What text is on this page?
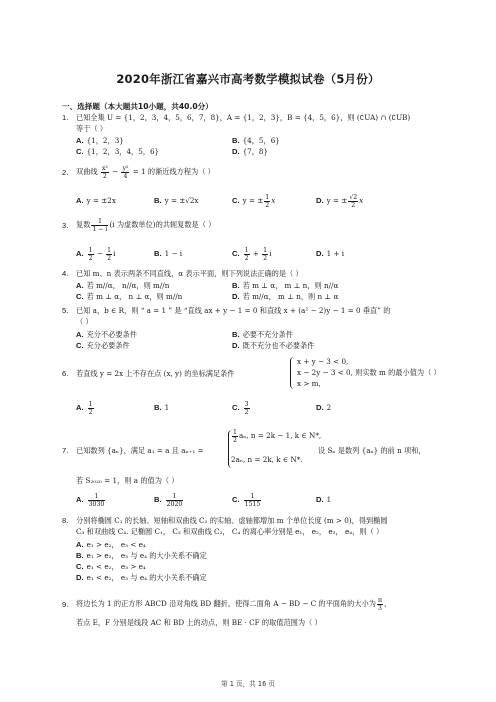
2020年浙江省嘉兴市高考数学模拟试卷（5月份）
一、选择题（本大题共10小题，共40.0分）
1. 已知全集 U = {1，2，3，4，5，6，7，8}，A = {1，2，3}，B = {4，5，6}，则 (∁UA) ∩ (∁UB)
等于（ ）
A. {1，2，3}	B. {4，5，6}
C. {1，2，3，4，5，6}	D. {7，8}
2. 双曲线 $\frac{\text{x²}}{2} - \frac{\text{y²}}{4} = 1$ 的渐近线方程为（ ）
A. y = ±2x	B. y = ±√2x	C. y = ± $\frac{1}{2}$ x	D. y = ± $\frac{√2}{2}$ x
3. 复数 $\frac{1}{1 - i} (i$ 为虚数单位)的共轭复数是（ ）
A. $\frac{1}{2} - \frac{1}{2}$ i	B. 1 − i	C. $\frac{1}{2} + \frac{1}{2}$ i	D. 1 + i
4. 已知 m、n 表示两条不同直线，α 表示平面，则下列说法正确的是（ ）
A. 若 m//α， n//α，则 m//n	B. 若 m ⊥ α， m ⊥ n，则 n//α
C. 若 m ⊥ α， n ⊥ α，则 m//n	D. 若 m//α， m ⊥ n，则 n ⊥ α
5. 已知 a，b ∈ R，则 “ a = 1 ” 是 “直线 ax + y − 1 = 0 和直线 x + (a² − 2)y − 1 = 0 垂直” 的
（ ）
A. 充分不必要条件	B. 必要不充分条件
C. 充分必要条件	D. 既不充分也不必要条件
6. 若直线 y = 2x 上不存在点 (x, y) 的坐标满足条件
x + y − 3 < 0,
x − 2y − 3 < 0, 则实数 m 的最小值为（ ）
x > m,
A. $\frac{1}{2}$	B. 1	C. $\frac{3}{2}$	D. 2
7. 已知数列 {aₙ}，满足 a₁ = a 且 aₙ₊₁ =
$\frac{1}{2} a_n$, n = 2k − 1, k ∈ N*,
2aₙ, n = 2k, k ∈ N*.
设 Sₙ 是数列 {aₙ} 的前 n 项和，
若 S₂₀₂₀ = 1，则 a 的值为（ ）
A. $\frac{1}{3030}$	B. $\frac{1}{2020}$	C. $\frac{1}{1515}$	D. 1
8. 分别将椭圆 C₁ 的长轴、短轴和双曲线 C₂ 的实轴、虚轴都增加 m 个单位长度 (m > 0)，得到椭圆
C₃ 和双曲线 C₄. 记椭圆 C₁， C₃ 和双曲线 C₂， C₄ 的离心率分别是 e₁， e₂， e₃， e₄，则（ ）
A. e₁ > e₂， e₃ < e₄
B. e₁ > e₂， e₃ 与 e₄ 的大小关系不确定
C. e₁ < e₂， e₃ > e₄
D. e₁ < e₂， e₃ 与 e₄ 的大小关系不确定
9. 将边长为 1 的正方形 ABCD 沿对角线 BD 翻折，使得二面角 A − BD − C 的平面角的大小为 $\frac{\pi}{3}$ ，
若点 E，F 分别是线段 AC 和 BD 上的动点，则 BE · CF 的取值范围为（ ）
第 1 页，共 16 页
